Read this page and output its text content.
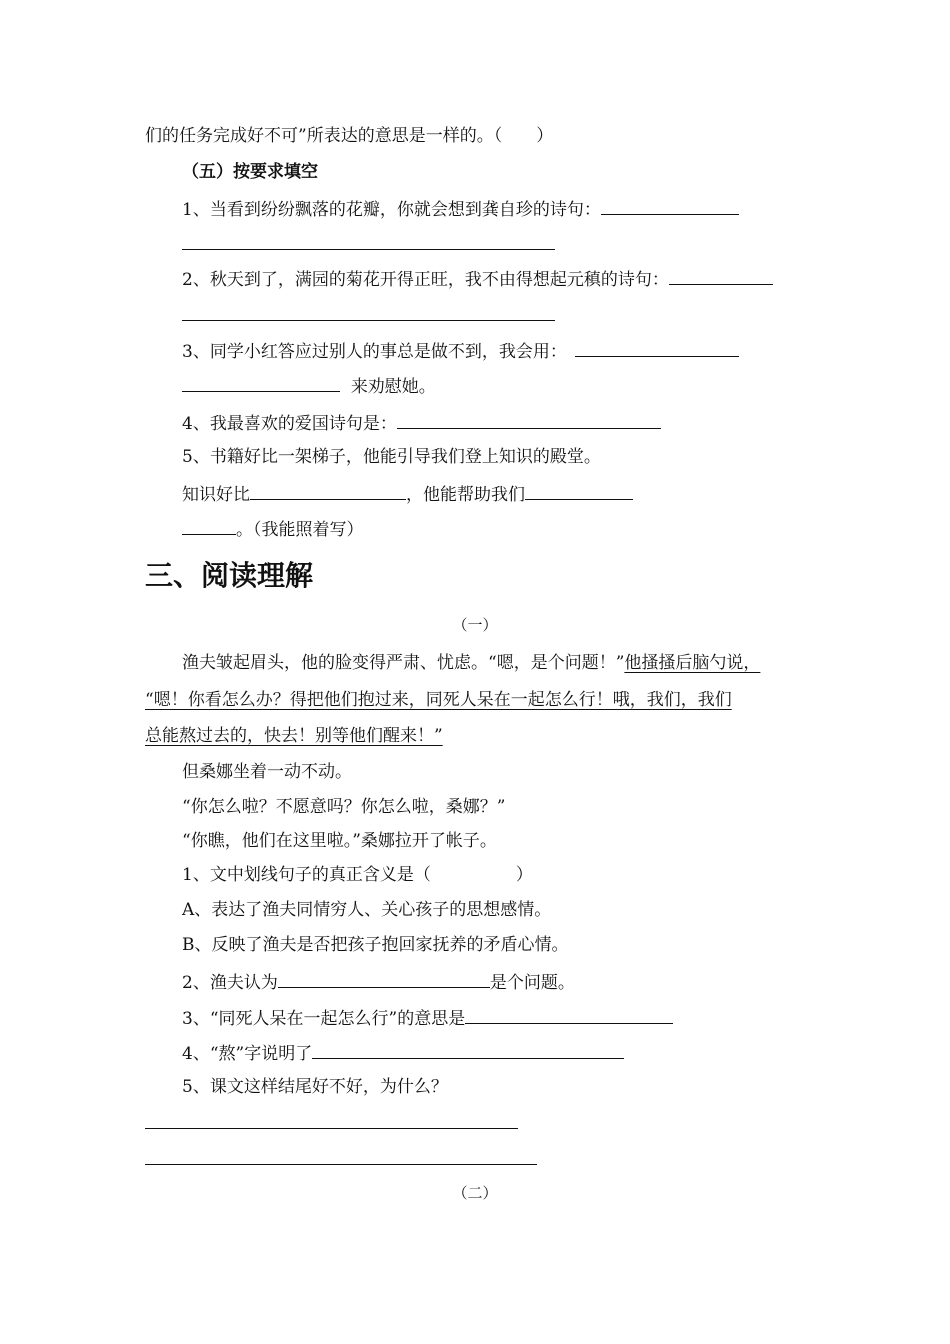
们的任务完成好不可”所表达的意思是一样的。（　　）
（五）按要求填空
1、当看到纷纷飘落的花瓣，你就会想到龚自珍的诗句：
2、秋天到了，满园的菊花开得正旺，我不由得想起元稹的诗句：
3、同学小红答应过别人的事总是做不到，我会用：
来劝慰她。
4、我最喜欢的爱国诗句是：
5、书籍好比一架梯子，他能引导我们登上知识的殿堂。
知识好比	，他能帮助我们
。（我能照着写）
三、阅读理解
（一）
渔夫皱起眉头，他的脸变得严肃、忧虑。“嗯，是个问题！”他搔搔后脑勺说，
“嗯！你看怎么办？得把他们抱过来，同死人呆在一起怎么行！哦，我们，我们
总能熬过去的，快去！别等他们醒来！”
但桑娜坐着一动不动。
“你怎么啦？不愿意吗？你怎么啦，桑娜？”
“你瞧，他们在这里啦。”桑娜拉开了帐子。
1、文中划线句子的真正含义是（　　　　　）
A、表达了渔夫同情穷人、关心孩子的思想感情。
B、反映了渔夫是否把孩子抱回家抚养的矛盾心情。
2、渔夫认为	是个问题。
3、“同死人呆在一起怎么行”的意思是
4、“熬”字说明了
5、课文这样结尾好不好，为什么？
（二）
